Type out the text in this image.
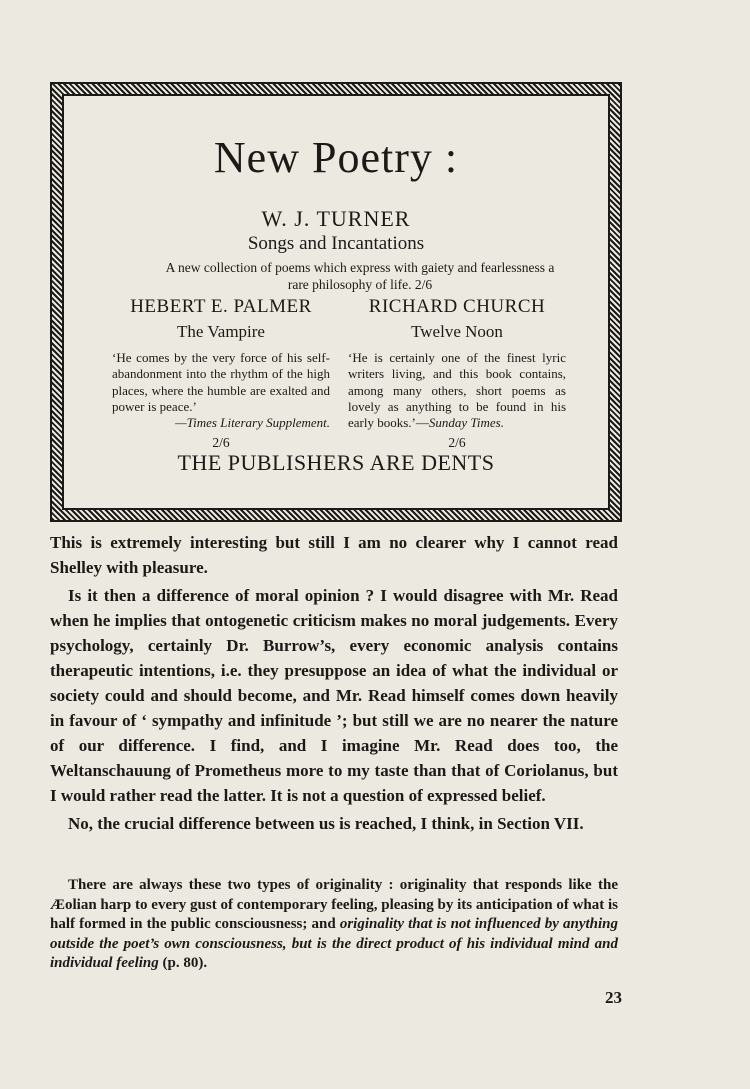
New Poetry :
W. J. TURNER
Songs and Incantations
A new collection of poems which express with gaiety and fearlessness a rare philosophy of life. 2/6
HEBERT E. PALMER
The Vampire
‘He comes by the very force of his self-abandonment into the rhythm of the high places, where the humble are exalted and power is peace.’
—Times Literary Supplement.
2/6
RICHARD CHURCH
Twelve Noon
‘He is certainly one of the finest lyric writers living, and this book contains, among many others, short poems as lovely as anything to be found in his early books.’—Sunday Times.
2/6
THE PUBLISHERS ARE DENTS

This is extremely interesting but still I am no clearer why I cannot read Shelley with pleasure.

Is it then a difference of moral opinion ? I would disagree with Mr. Read when he implies that ontogenetic criticism makes no moral judgements. Every psychology, certainly Dr. Burrow’s, every economic analysis contains therapeutic intentions, i.e. they presuppose an idea of what the individual or society could and should become, and Mr. Read himself comes down heavily in favour of ‘ sympathy and infinitude ’; but still we are no nearer the nature of our difference. I find, and I imagine Mr. Read does too, the Weltanschauung of Prometheus more to my taste than that of Coriolanus, but I would rather read the latter. It is not a question of expressed belief.

No, the crucial difference between us is reached, I think, in Section VII.

There are always these two types of originality : originality that responds like the Æolian harp to every gust of contemporary feeling, pleasing by its anticipation of what is half formed in the public consciousness; and originality that is not influenced by anything outside the poet’s own consciousness, but is the direct product of his individual mind and individual feeling (p. 80).
23
